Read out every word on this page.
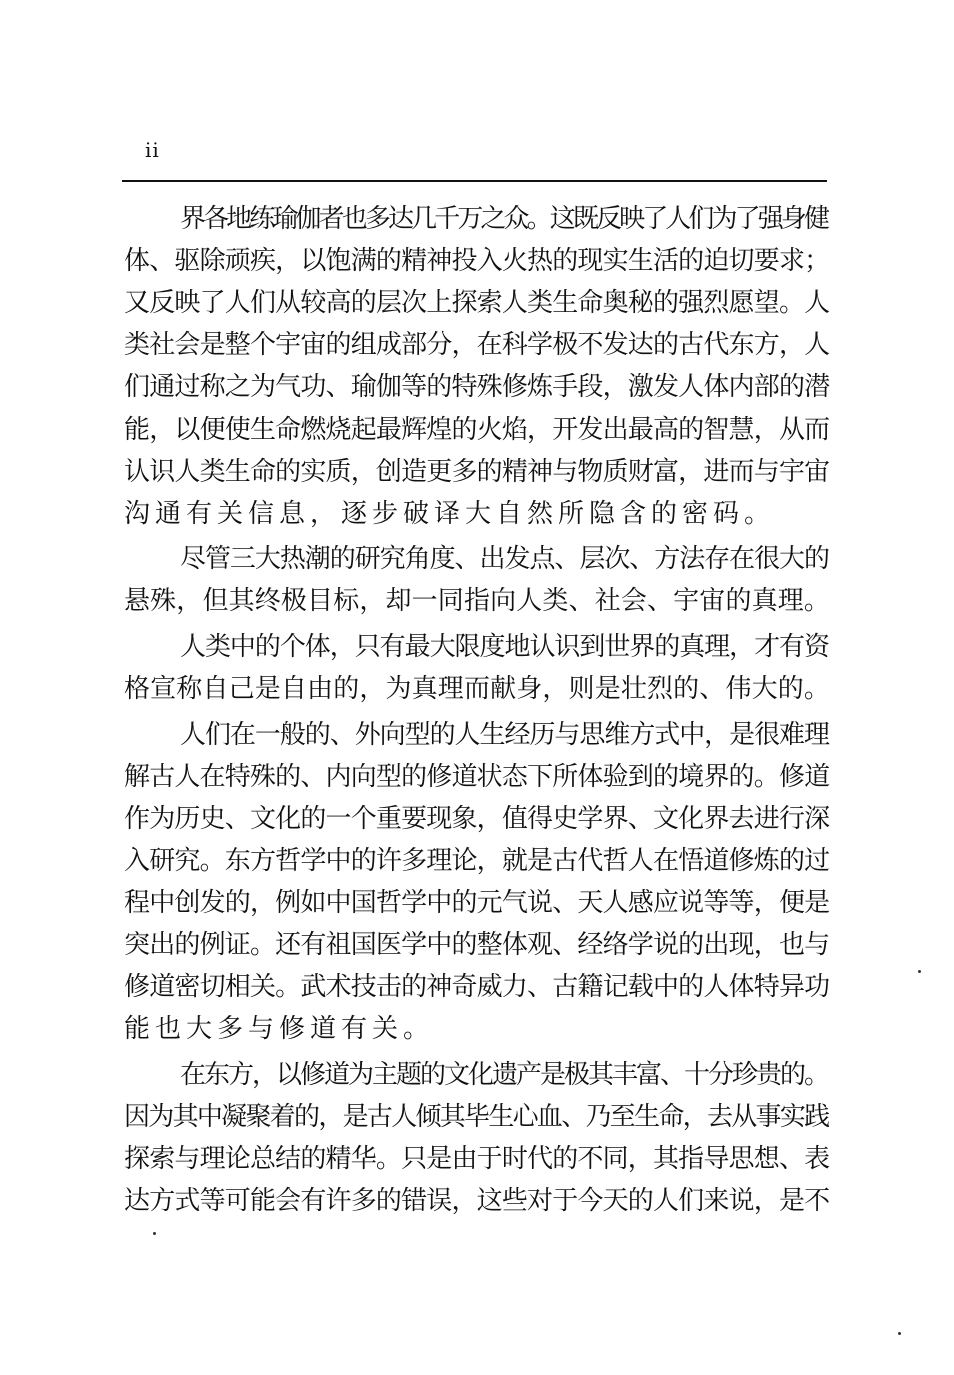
ii
界各地练瑜伽者也多达几千万之众。这既反映了人们为了强身健
体、驱除顽疾，以饱满的精神投入火热的现实生活的迫切要求；
又反映了人们从较高的层次上探索人类生命奥秘的强烈愿望。人
类社会是整个宇宙的组成部分，在科学极不发达的古代东方，人
们通过称之为气功、瑜伽等的特殊修炼手段，激发人体内部的潜
能，以便使生命燃烧起最辉煌的火焰，开发出最高的智慧，从而
认识人类生命的实质，创造更多的精神与物质财富，进而与宇宙
沟通有关信息，逐步破译大自然所隐含的密码。
尽管三大热潮的研究角度、出发点、层次、方法存在很大的
悬殊，但其终极目标，却一同指向人类、社会、宇宙的真理。
人类中的个体，只有最大限度地认识到世界的真理，才有资
格宣称自己是自由的，为真理而献身，则是壮烈的、伟大的。
人们在一般的、外向型的人生经历与思维方式中，是很难理
解古人在特殊的、内向型的修道状态下所体验到的境界的。修道
作为历史、文化的一个重要现象，值得史学界、文化界去进行深
入研究。东方哲学中的许多理论，就是古代哲人在悟道修炼的过
程中创发的，例如中国哲学中的元气说、天人感应说等等，便是
突出的例证。还有祖国医学中的整体观、经络学说的出现，也与
修道密切相关。武术技击的神奇威力、古籍记载中的人体特异功
能也大多与修道有关。
在东方，以修道为主题的文化遗产是极其丰富、十分珍贵的。
因为其中凝聚着的，是古人倾其毕生心血、乃至生命，去从事实践
探索与理论总结的精华。只是由于时代的不同，其指导思想、表
达方式等可能会有许多的错误，这些对于今天的人们来说，是不
